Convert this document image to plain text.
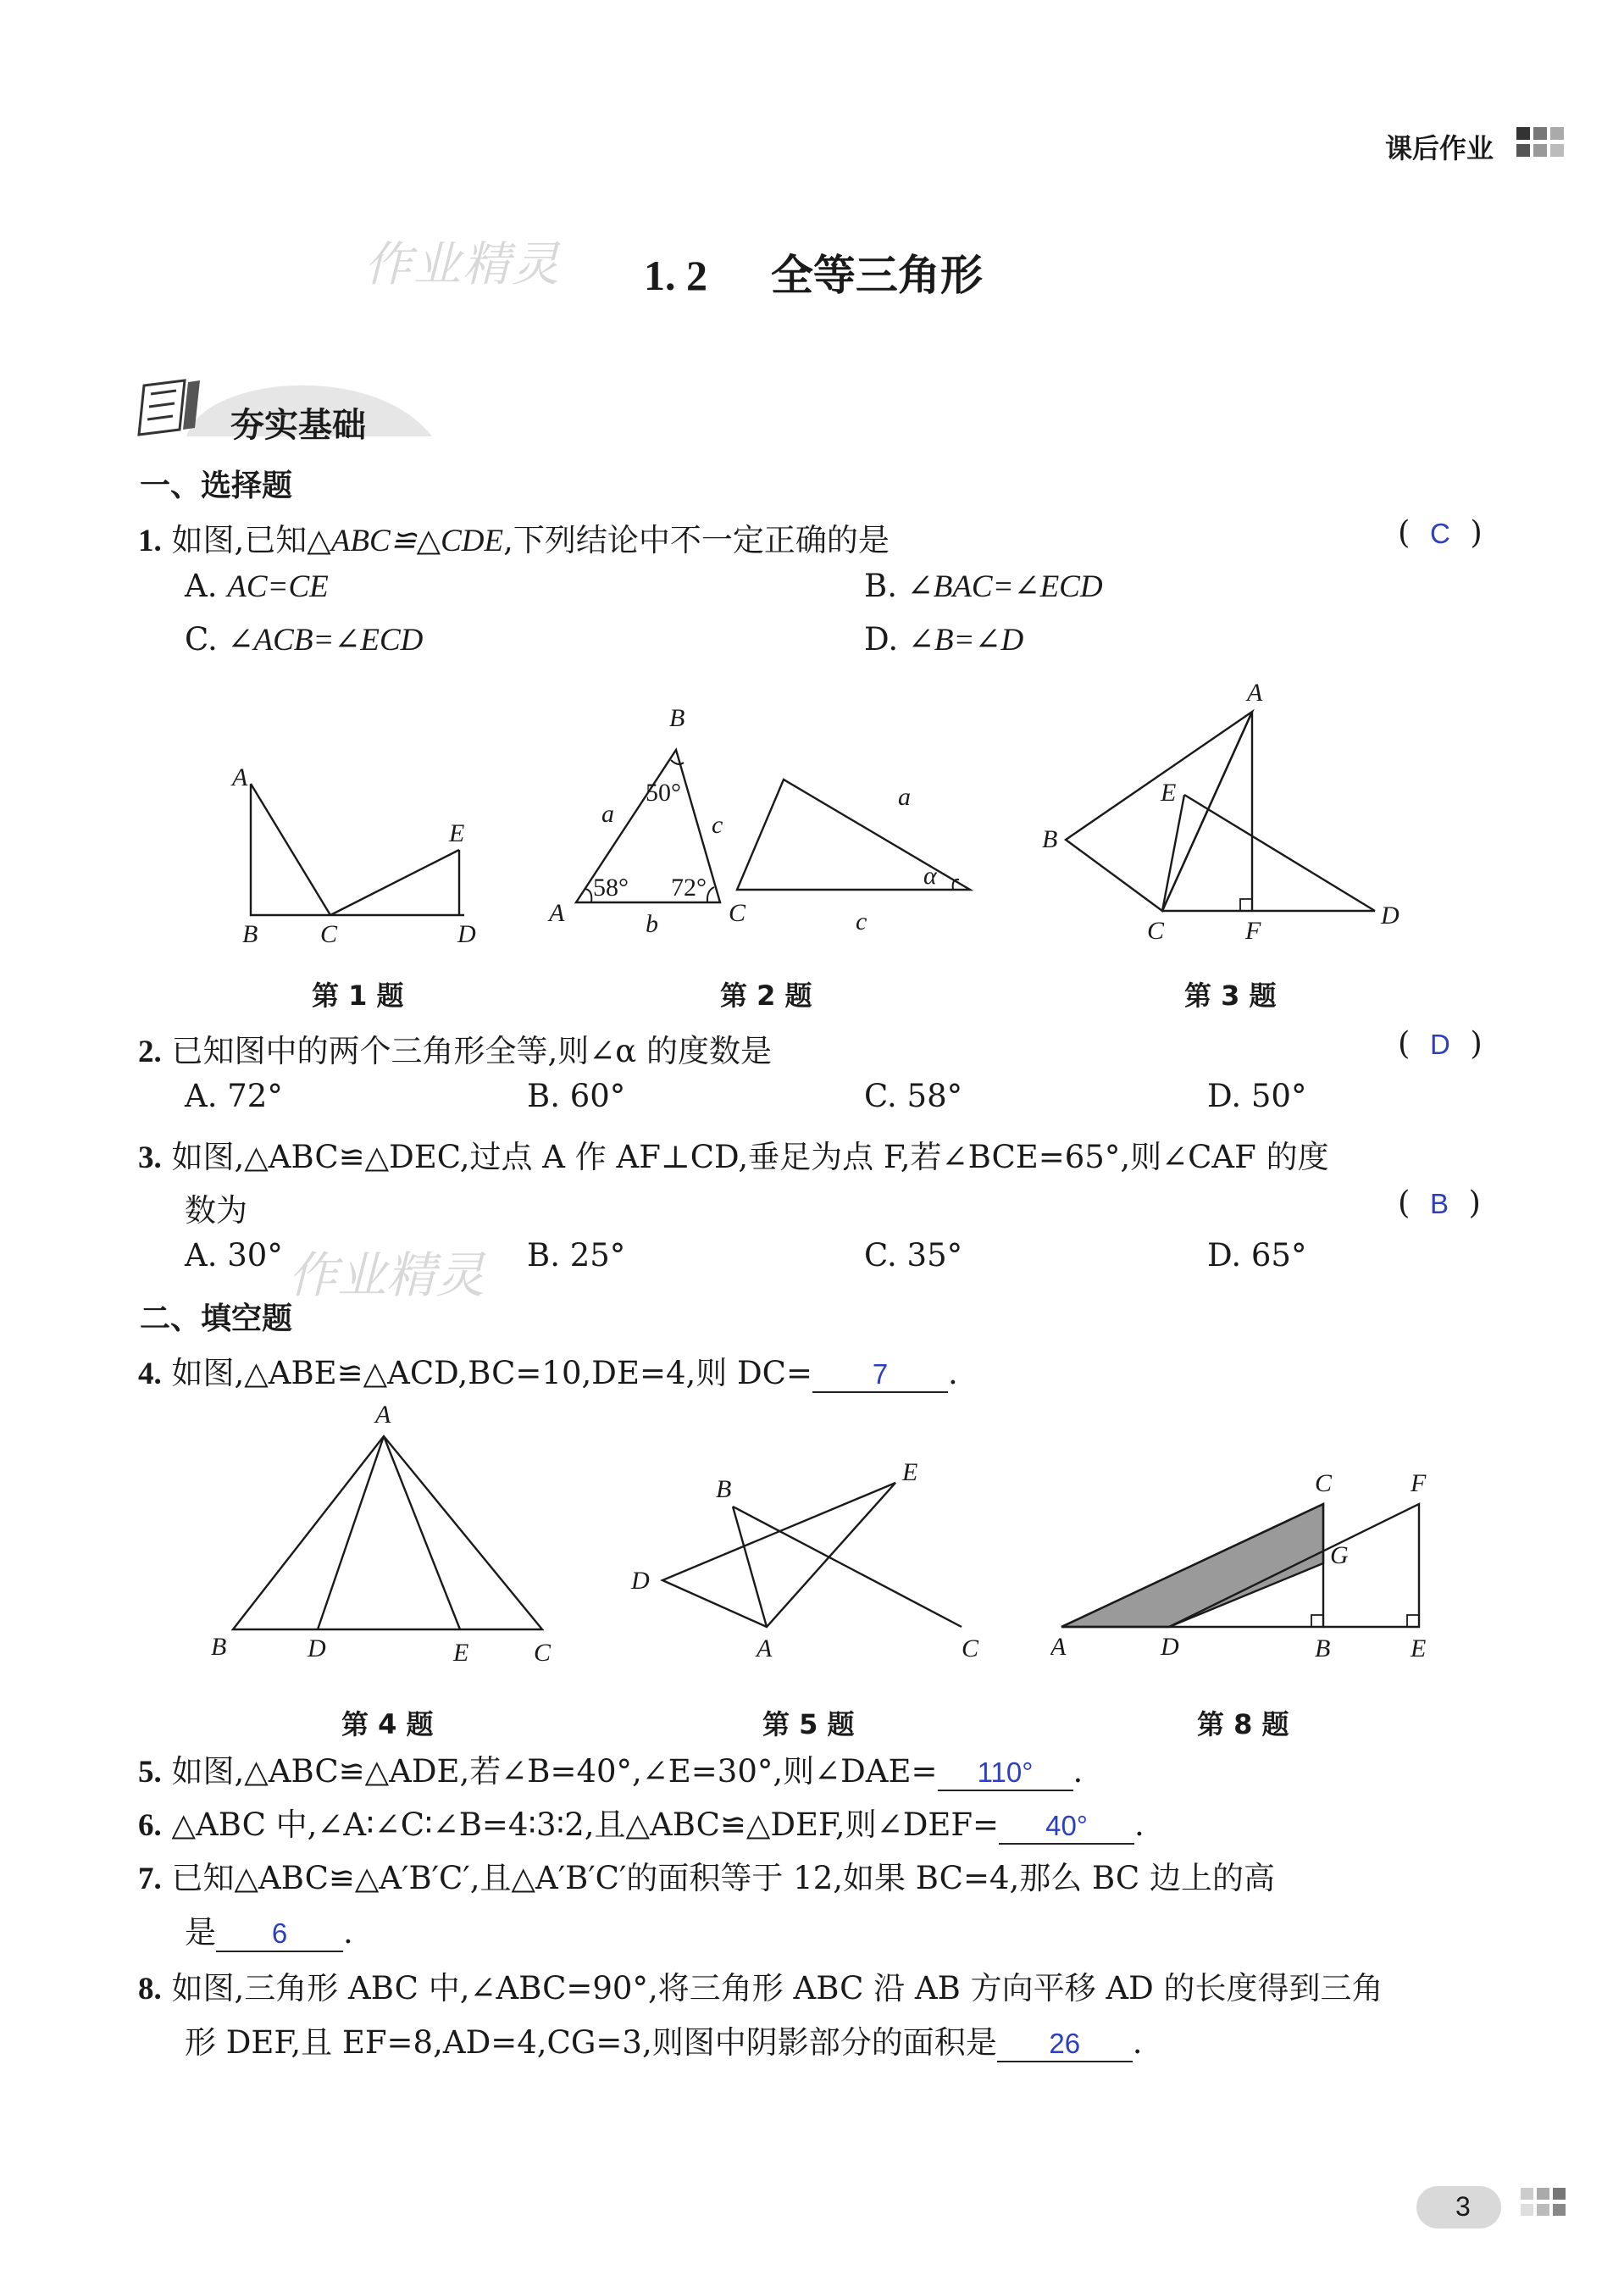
课后作业
作业精灵 1. 2 全等三角形
夯实基础
一、选择题
1. 如图,已知△ABC≌△CDE,下列结论中不一定正确的是	(  C  )
A. AC=CE	B. ∠BAC=∠ECD
C. ∠ACB=∠ECD	D. ∠B=∠D
A
B C	D
E
第 1 题
B
A	C
a	c
b
50°
58° 72°
a
c
α
第 2 题
A
B
C
D
E
F
第 3 题
2. 已知图中的两个三角形全等,则∠α 的度数是	(  D  )
A. 72°	B. 60°	C. 58°	D. 50°
3. 如图,△ABC≌△DEC,过点 A 作 AF⊥CD,垂足为点 F,若∠BCE=65°,则∠CAF 的度
数为	(  B  )
A. 30°	B. 25°	C. 35°	D. 65°
作业精灵
二、填空题
4. 如图,△ABE≌△ACD,BC=10,DE=4,则 DC= 7 .
A
B	D	E	C
第 4 题
B
E
D
A	C
第 5 题
A	D	B	E
C	F
G
第 8 题
5. 如图,△ABC≌△ADE,若∠B=40°,∠E=30°,则∠DAE= 110° .
6. △ABC 中,∠A∶∠C∶∠B=4∶3∶2,且△ABC≌△DEF,则∠DEF= 40° .
7. 已知△ABC≌△A′B′C′,且△A′B′C′的面积等于 12,如果 BC=4,那么 BC 边上的高
是 6 .
8. 如图,三角形 ABC 中,∠ABC=90°,将三角形 ABC 沿 AB 方向平移 AD 的长度得到三角
形 DEF,且 EF=8,AD=4,CG=3,则图中阴影部分的面积是 26 .
3
